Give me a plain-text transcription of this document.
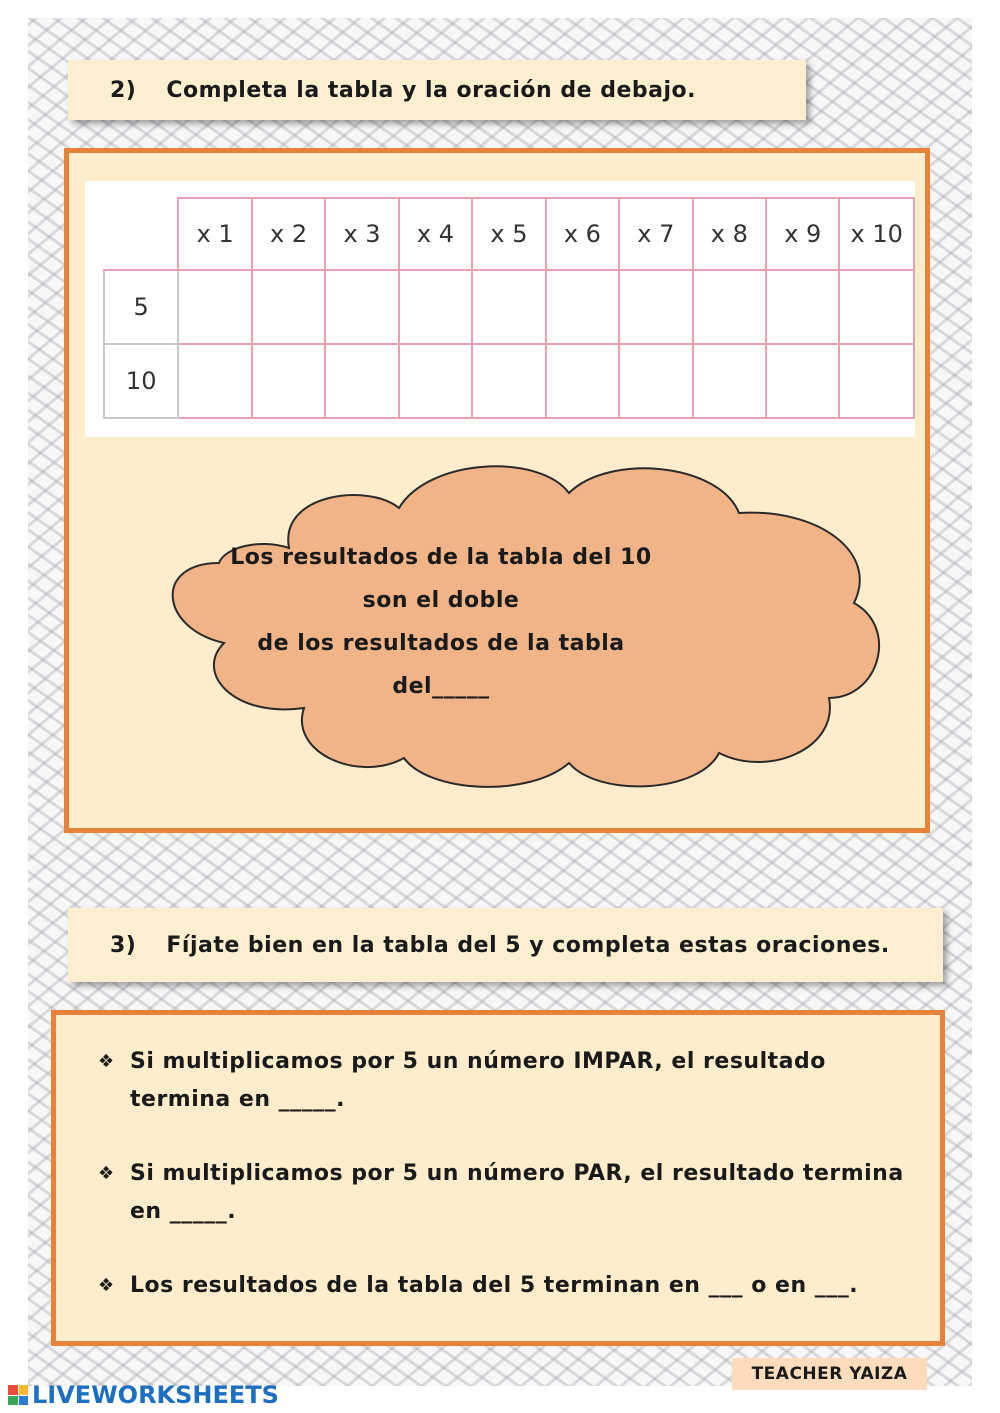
2) Completa la tabla y la oración de debajo.
	x 1	x 2	x 3	x 4	x 5	x 6	x 7	x 8	x 9	x 10
5										
10										
Los resultados de la tabla del 10
son el doble
de los resultados de la tabla
del_____
3) Fíjate bien en la tabla del 5 y completa estas oraciones.
❖ Si multiplicamos por 5 un número IMPAR, el resultado
termina en _____.
❖ Si multiplicamos por 5 un número PAR, el resultado termina
en _____.
❖ Los resultados de la tabla del 5 terminan en ___ o en ___.
TEACHER YAIZA
LIVEWORKSHEETS
